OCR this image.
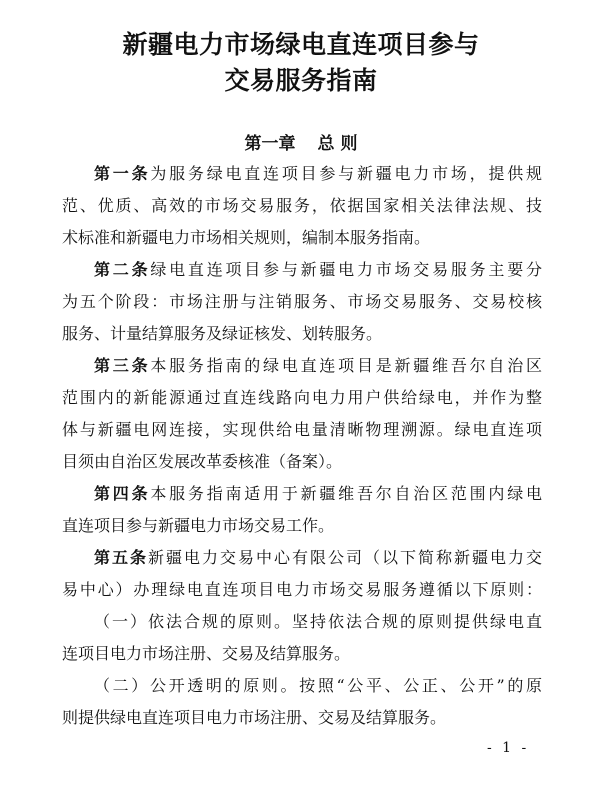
新疆电力市场绿电直连项目参与
交易服务指南
第一章 总 则
第一条为服务绿电直连项目参与新疆电力市场，提供规
范、优质、高效的市场交易服务，依据国家相关法律法规、技
术标准和新疆电力市场相关规则，编制本服务指南。
第二条绿电直连项目参与新疆电力市场交易服务主要分
为五个阶段：市场注册与注销服务、市场交易服务、交易校核
服务、计量结算服务及绿证核发、划转服务。
第三条本服务指南的绿电直连项目是新疆维吾尔自治区
范围内的新能源通过直连线路向电力用户供给绿电，并作为整
体与新疆电网连接，实现供给电量清晰物理溯源。绿电直连项
目须由自治区发展改革委核准（备案）。
第四条本服务指南适用于新疆维吾尔自治区范围内绿电
直连项目参与新疆电力市场交易工作。
第五条新疆电力交易中心有限公司（以下简称新疆电力交
易中心）办理绿电直连项目电力市场交易服务遵循以下原则：
（一）依法合规的原则。坚持依法合规的原则提供绿电直
连项目电力市场注册、交易及结算服务。
（二）公开透明的原则。按照“公平、公正、公开”的原
则提供绿电直连项目电力市场注册、交易及结算服务。
- 1 -
